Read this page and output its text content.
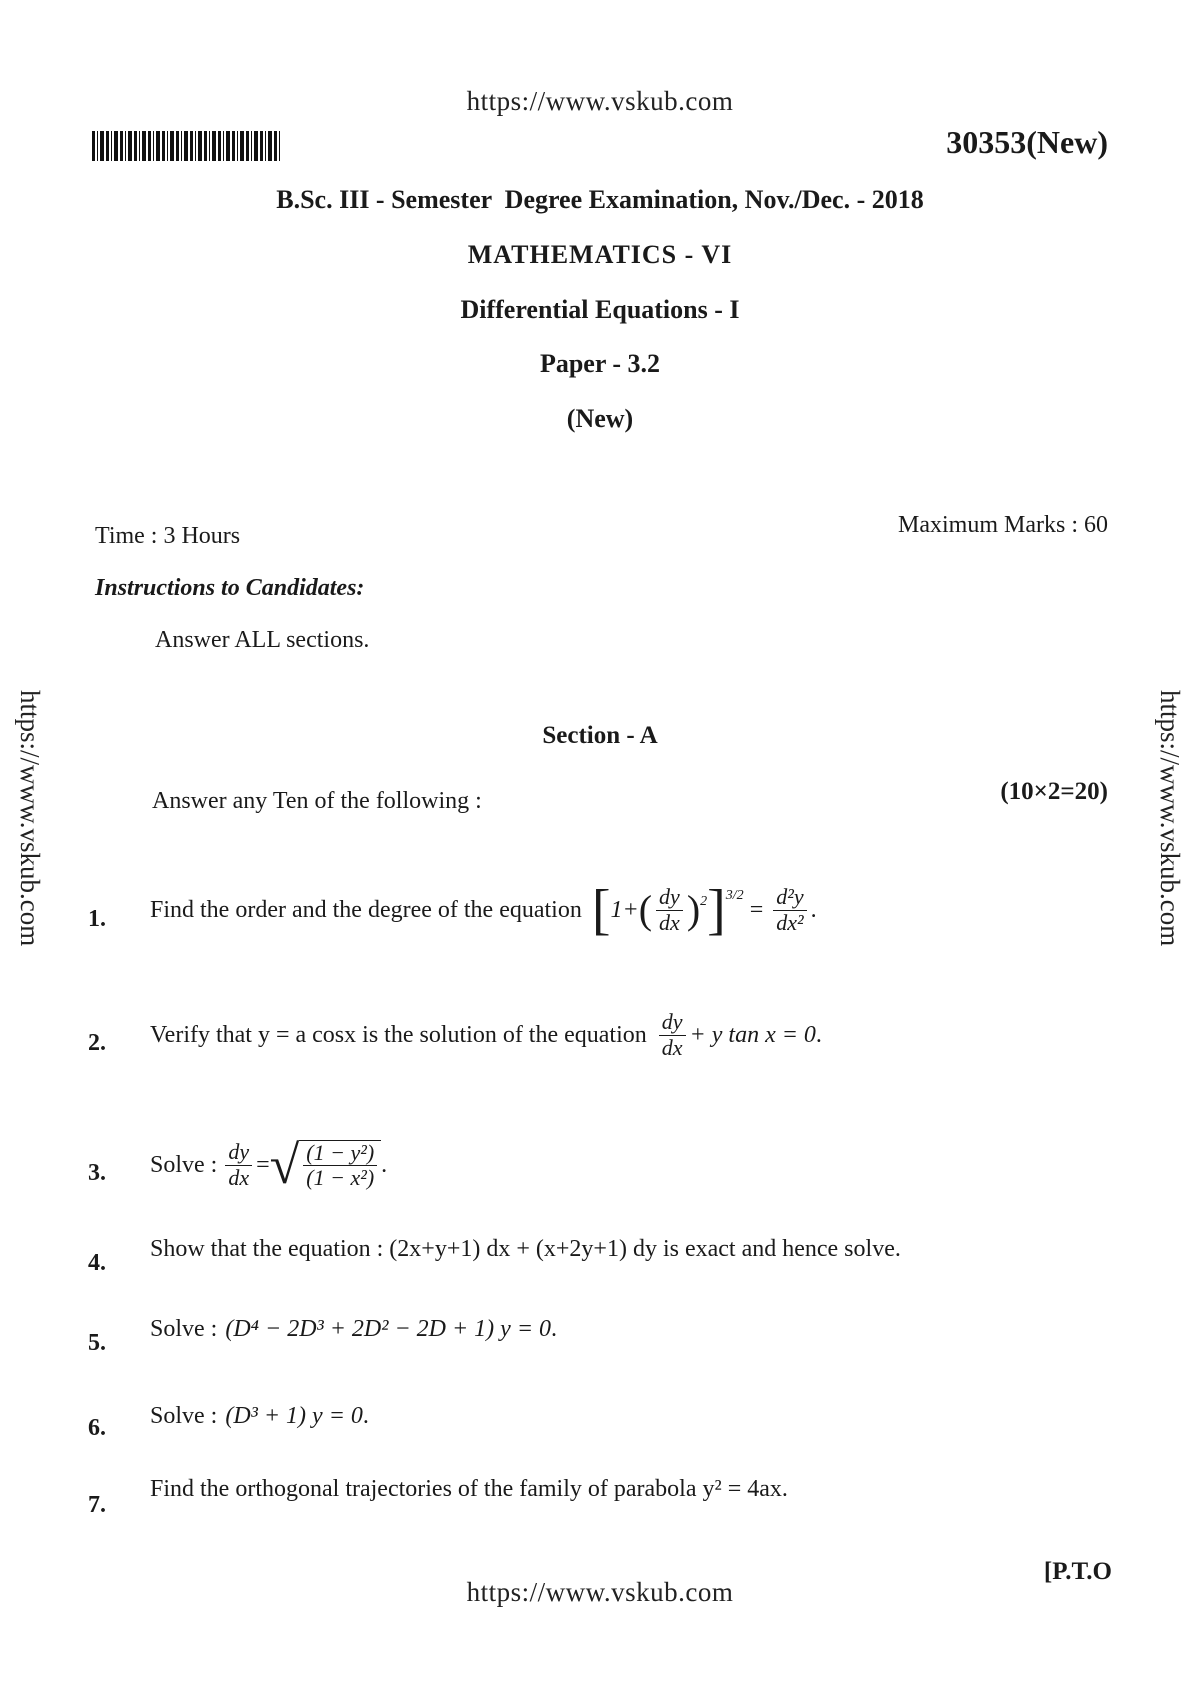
https://www.vskub.com
30353(New)
B.Sc. III - Semester  Degree Examination, Nov./Dec. - 2018
MATHEMATICS - VI
Differential Equations - I
Paper - 3.2
(New)
Time : 3 Hours	Maximum Marks : 60
Instructions to Candidates:
Answer ALL sections.
https://www.vskub.com	https://www.vskub.com
Section - A
Answer any Ten of the following :	(10×2=20)
1. Find the order and the degree of the equation [ 1+ ( $\frac{dy}{dx} )^2$ ]$^{3/2}$
= $\frac{\text{d²y}}{\text{dx²}}$ .
2. Verify that y = a cosx is the solution of the equation $\frac{dy}{dx} + y$ tan x = 0 .
3. Solve : $\frac{dy}{dx}$ = √ $\frac{\text{(1 − y²)}}{\text{(1 − x²)}}$ .
4.
Show that the equation : (2x+y+1) dx + (x+2y+1) dy is exact and hence solve.
5.
Solve : (D⁴ − 2D³ + 2D² − 2D + 1) y = 0 .
6. Solve : (D³ + 1) y = 0 .
7.
Find the orthogonal trajectories of the family of parabola y² = 4ax.
https://www.vskub.com
[P.T.O
